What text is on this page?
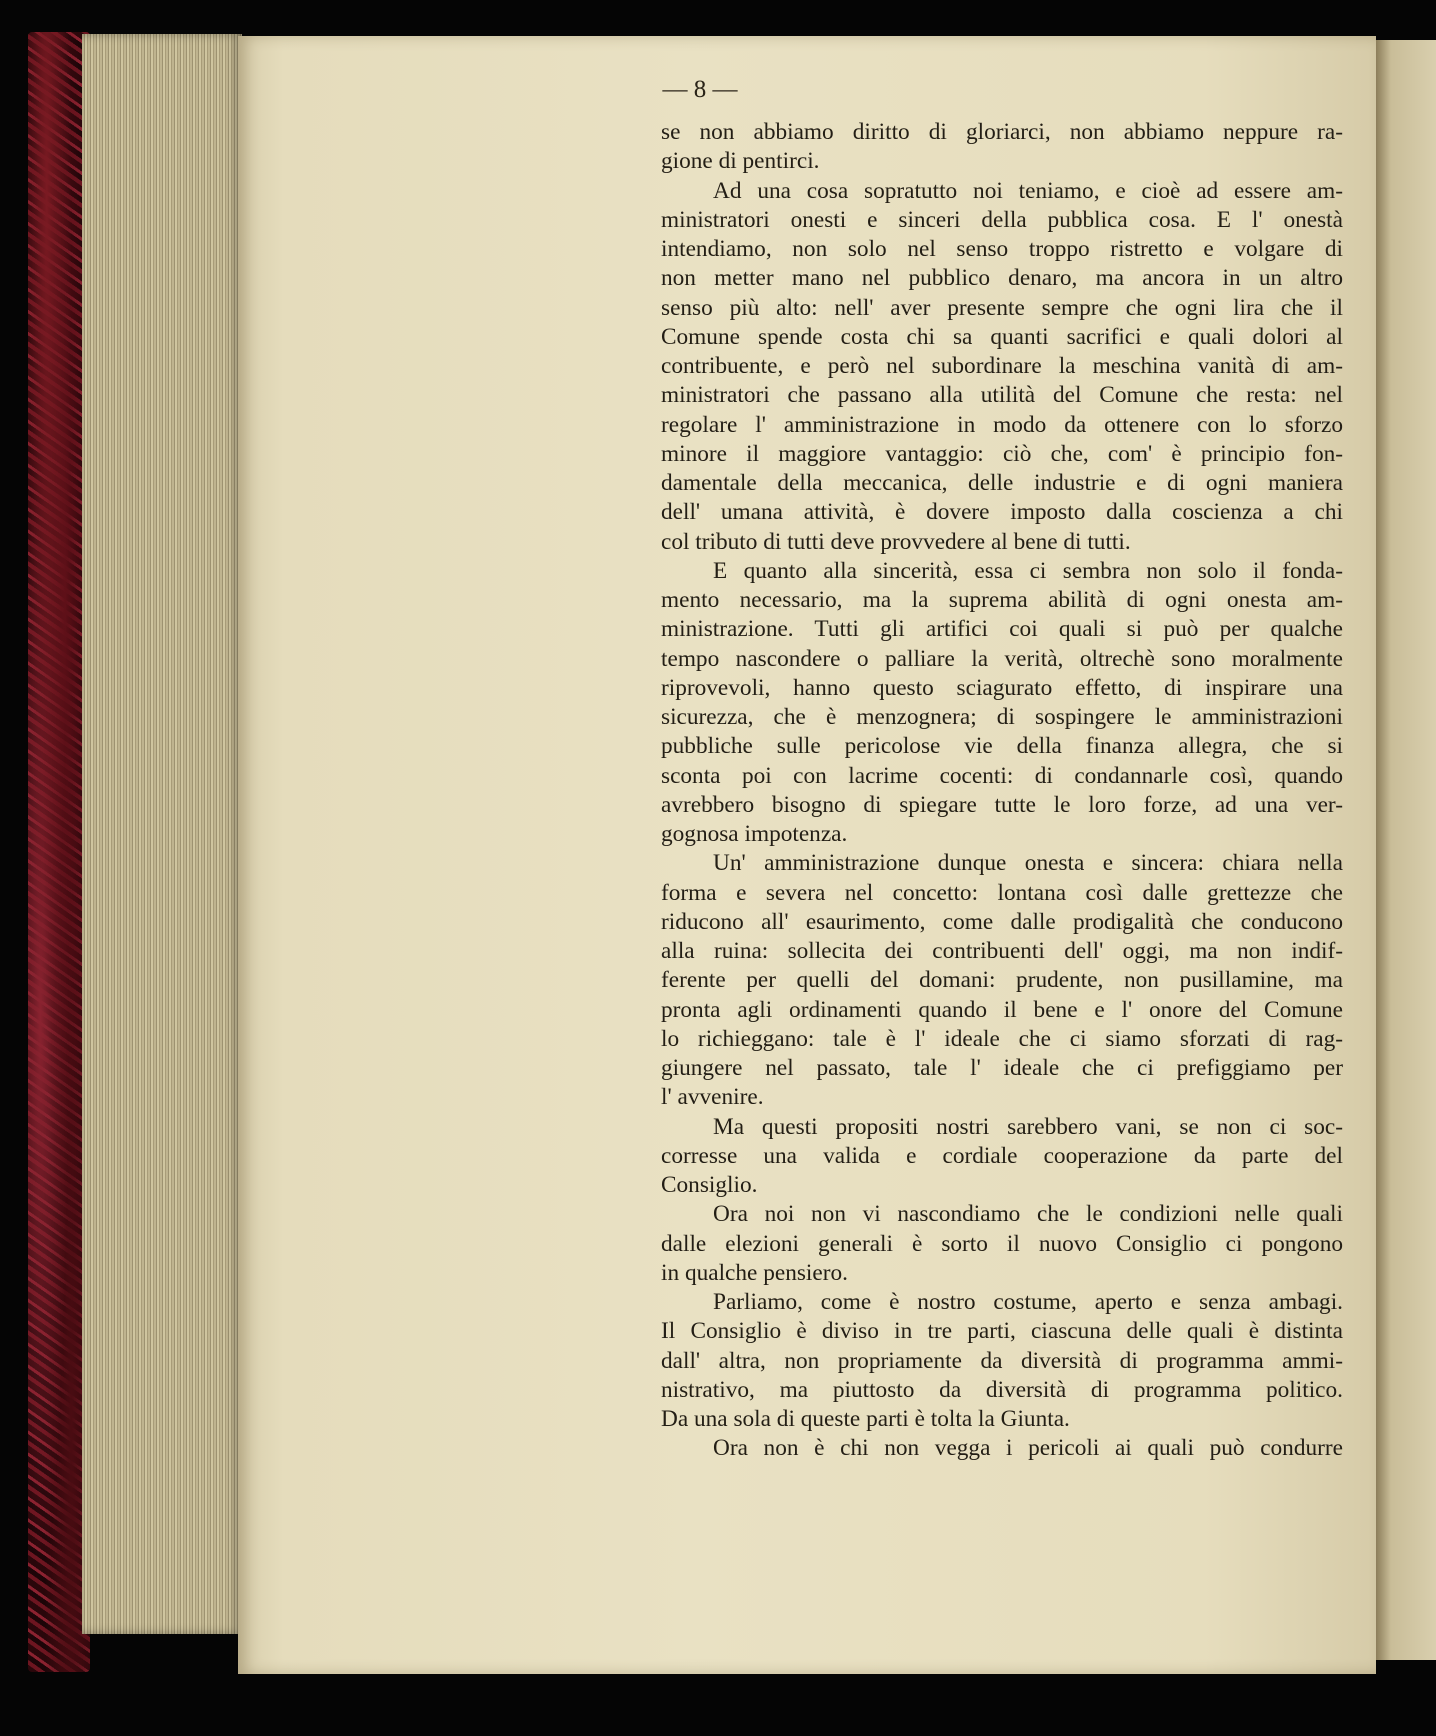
— 8 —
se non abbiamo diritto di gloriarci, non abbiamo neppure ra-
gione di pentirci.
Ad una cosa sopratutto noi teniamo, e cioè ad essere am-
ministratori onesti e sinceri della pubblica cosa. E l' onestà
intendiamo, non solo nel senso troppo ristretto e volgare di
non metter mano nel pubblico denaro, ma ancora in un altro
senso più alto: nell' aver presente sempre che ogni lira che il
Comune spende costa chi sa quanti sacrifici e quali dolori al
contribuente, e però nel subordinare la meschina vanità di am-
ministratori che passano alla utilità del Comune che resta: nel
regolare l' amministrazione in modo da ottenere con lo sforzo
minore il maggiore vantaggio: ciò che, com' è principio fon-
damentale della meccanica, delle industrie e di ogni maniera
dell' umana attività, è dovere imposto dalla coscienza a chi
col tributo di tutti deve provvedere al bene di tutti.
E quanto alla sincerità, essa ci sembra non solo il fonda-
mento necessario, ma la suprema abilità di ogni onesta am-
ministrazione. Tutti gli artifici coi quali si può per qualche
tempo nascondere o palliare la verità, oltrechè sono moralmente
riprovevoli, hanno questo sciagurato effetto, di inspirare una
sicurezza, che è menzognera; di sospingere le amministrazioni
pubbliche sulle pericolose vie della finanza allegra, che si
sconta poi con lacrime cocenti: di condannarle così, quando
avrebbero bisogno di spiegare tutte le loro forze, ad una ver-
gognosa impotenza.
Un' amministrazione dunque onesta e sincera: chiara nella
forma e severa nel concetto: lontana così dalle grettezze che
riducono all' esaurimento, come dalle prodigalità che conducono
alla ruina: sollecita dei contribuenti dell' oggi, ma non indif-
ferente per quelli del domani: prudente, non pusillamine, ma
pronta agli ordinamenti quando il bene e l' onore del Comune
lo richieggano: tale è l' ideale che ci siamo sforzati di rag-
giungere nel passato, tale l' ideale che ci prefiggiamo per
l' avvenire.
Ma questi propositi nostri sarebbero vani, se non ci soc-
corresse una valida e cordiale cooperazione da parte del
Consiglio.
Ora noi non vi nascondiamo che le condizioni nelle quali
dalle elezioni generali è sorto il nuovo Consiglio ci pongono
in qualche pensiero.
Parliamo, come è nostro costume, aperto e senza ambagi.
Il Consiglio è diviso in tre parti, ciascuna delle quali è distinta
dall' altra, non propriamente da diversità di programma ammi-
nistrativo, ma piuttosto da diversità di programma politico.
Da una sola di queste parti è tolta la Giunta.
Ora non è chi non vegga i pericoli ai quali può condurre
